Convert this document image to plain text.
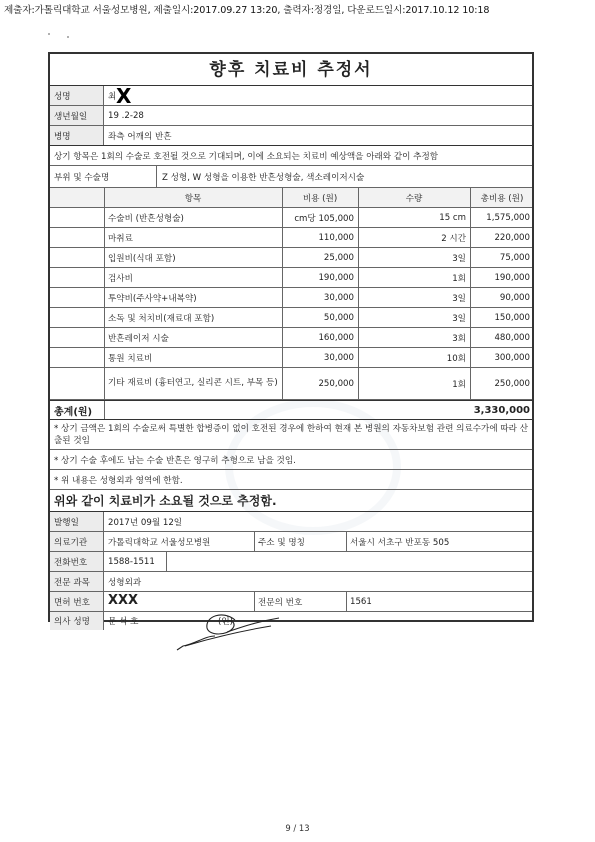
제출자:가톨릭대학교 서울성모병원, 제출일시:2017.09.27 13:20, 출력자:정경일, 다운로드일시:2017.10.12 10:18
향후 치료비 추정서
성명	최 X
생년월일	19 .2-28
병명	좌측 어깨의 반흔
상기 항목은 1회의 수술로 호전될 것으로 기대되며, 이에 소요되는 치료비 예상액을 아래와 같이 추정함
부위 및 수술명	Z 성형, W 성형을 이용한 반흔성형술, 색소레이저시술
항목	비용 (원)	수량	총비용 (원)
수술비 (반흔성형술)	cm당 105,000	15 cm	1,575,000
마취료	110,000	2 시간	220,000
입원비(식대 포함)	25,000	3일	75,000
검사비	190,000	1회	190,000
투약비(주사약+내복약)	30,000	3일	90,000
소독 및 처치비(재료대 포함)	50,000	3일	150,000
반흔레이저 시술	160,000	3회	480,000
통원 치료비	30,000	10회	300,000
기타 재료비 (흉터연고, 실리콘 시트, 부목 등)	250,000	1회	250,000
총계(원)	3,330,000
* 상기 금액은 1회의 수술로써 특별한 합병증이 없이 호전된 경우에 한하여 현재 본 병원의 자동차보험 관련 의료수가에 따라 산출된 것임
* 상기 수술 후에도 남는 수술 반흔은 영구히 추형으로 남을 것임.
* 위 내용은 성형외과 영역에 한함.
위와 같이 치료비가 소요될 것으로 추정함.
발행일	2017년 09월 12일
의료기관	가톨릭대학교 서울성모병원	주소 및 명칭	서울시 서초구 반포동 505
전화번호	1588-1511
전문 과목	성형외과
면허 번호	XXX	전문의 번호	1561
의사 성명	문 석 호	(인)
9 / 13
